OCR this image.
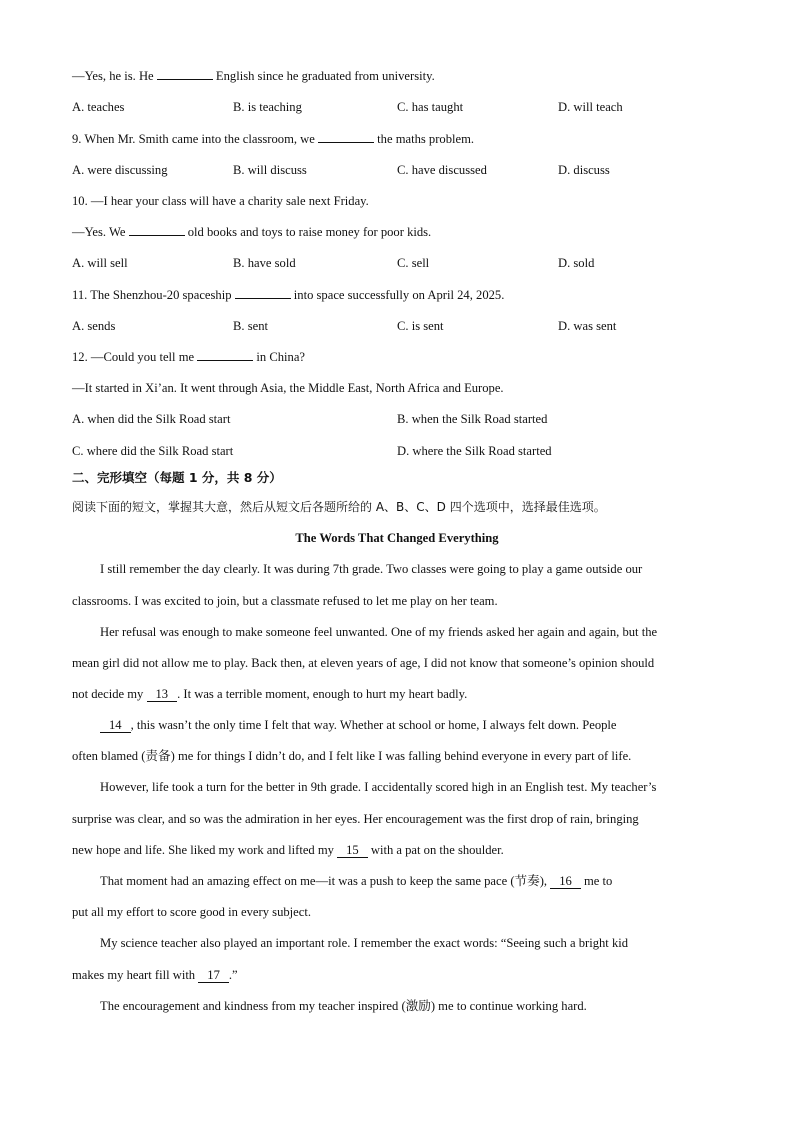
—Yes, he is. He	English since he graduated from university.
A. teaches	B. is teaching	C. has taught	D. will teach
9. When Mr. Smith came into the classroom, we	the maths problem.
A. were discussing	B. will discuss	C. have discussed	D. discuss
10. —I hear your class will have a charity sale next Friday.
—Yes. We	old books and toys to raise money for poor kids.
A. will sell	B. have sold	C. sell	D. sold
11. The Shenzhou-20 spaceship	into space successfully on April 24, 2025.
A. sends	B. sent	C. is sent	D. was sent
12. —Could you tell me	in China?
—It started in Xi’an. It went through Asia, the Middle East, North Africa and Europe.
A. when did the Silk Road start	B. when the Silk Road started
C. where did the Silk Road start	D. where the Silk Road started
二、完形填空（每题 1 分，共 8 分）
阅读下面的短文，掌握其大意，然后从短文后各题所给的 A、B、C、D 四个选项中，选择最佳选项。
The Words That Changed Everything
I still remember the day clearly. It was during 7th grade. Two classes were going to play a game outside our
classrooms. I was excited to join, but a classmate refused to let me play on her team.
Her refusal was enough to make someone feel unwanted. One of my friends asked her again and again, but the
mean girl did not allow me to play. Back then, at eleven years of age, I did not know that someone’s opinion should
not decide my 13 . It was a terrible moment, enough to hurt my heart badly.
14 , this wasn’t the only time I felt that way. Whether at school or home, I always felt down. People
often blamed (责备) me for things I didn’t do, and I felt like I was falling behind everyone in every part of life.
However, life took a turn for the better in 9th grade. I accidentally scored high in an English test. My teacher’s
surprise was clear, and so was the admiration in her eyes. Her encouragement was the first drop of rain, bringing
new hope and life. She liked my work and lifted my 15 with a pat on the shoulder.
That moment had an amazing effect on me—it was a push to keep the same pace (节奏), 16 me to
put all my effort to score good in every subject.
My science teacher also played an important role. I remember the exact words: “Seeing such a bright kid
makes my heart fill with 17 .”
The encouragement and kindness from my teacher inspired (激励) me to continue working hard.
